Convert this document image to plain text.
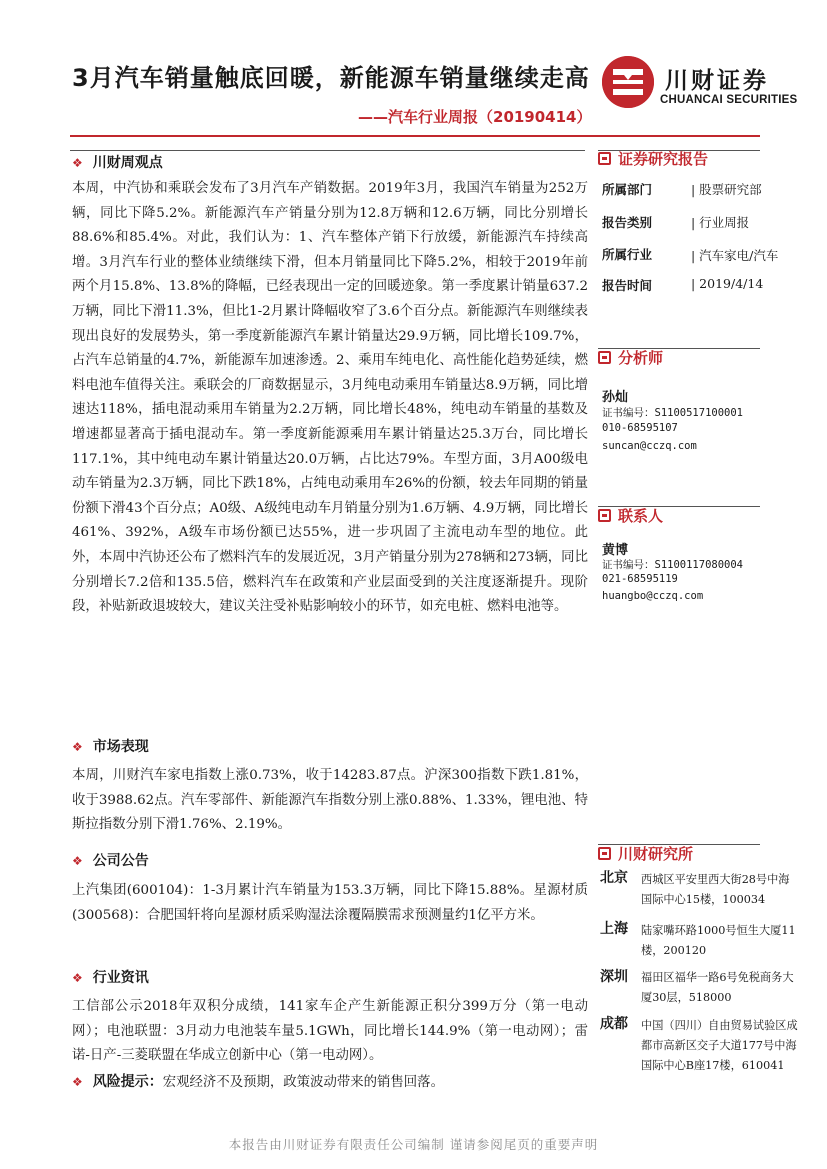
3月汽车销量触底回暖，新能源车销量继续走高
——汽车行业周报（20190414）
川财证券
CHUANCAI SECURITIES
❖ 川财周观点
本周，中汽协和乘联会发布了3月汽车产销数据。2019年3月，我国汽车销量为252万辆，同比下降5.2%。新能源汽车产销量分别为12.8万辆和12.6万辆，同比分别增长88.6%和85.4%。对此，我们认为：1、汽车整体产销下行放缓，新能源汽车持续高增。3月汽车行业的整体业绩继续下滑，但本月销量同比下降5.2%，相较于2019年前两个月15.8%、13.8%的降幅，已经表现出一定的回暖迹象。第一季度累计销量637.2万辆，同比下滑11.3%，但比1-2月累计降幅收窄了3.6个百分点。新能源汽车则继续表现出良好的发展势头，第一季度新能源汽车累计销量达29.9万辆，同比增长109.7%，占汽车总销量的4.7%，新能源车加速渗透。2、乘用车纯电化、高性能化趋势延续，燃料电池车值得关注。乘联会的厂商数据显示，3月纯电动乘用车销量达8.9万辆，同比增速达118%，插电混动乘用车销量为2.2万辆，同比增长48%，纯电动车销量的基数及增速都显著高于插电混动车。第一季度新能源乘用车累计销量达25.3万台，同比增长117.1%，其中纯电动车累计销量达20.0万辆，占比达79%。车型方面，3月A00级电动车销量为2.3万辆，同比下跌18%，占纯电动乘用车26%的份额，较去年同期的销量份额下滑43个百分点；A0级、A级纯电动车月销量分别为1.6万辆、4.9万辆，同比增长461%、392%，A级车市场份额已达55%，进一步巩固了主流电动车型的地位。此外，本周中汽协还公布了燃料汽车的发展近况，3月产销量分别为278辆和273辆，同比分别增长7.2倍和135.5倍，燃料汽车在政策和产业层面受到的关注度逐渐提升。现阶段，补贴新政退坡较大，建议关注受补贴影响较小的环节，如充电桩、燃料电池等。
❖ 市场表现
本周，川财汽车家电指数上涨0.73%，收于14283.87点。沪深300指数下跌1.81%，收于3988.62点。汽车零部件、新能源汽车指数分别上涨0.88%、1.33%，锂电池、特斯拉指数分别下滑1.76%、2.19%。
❖ 公司公告
上汽集团(600104)：1-3月累计汽车销量为153.3万辆，同比下降15.88%。星源材质(300568)：合肥国轩将向星源材质采购湿法涂覆隔膜需求预测量约1亿平方米。
❖ 行业资讯
工信部公示2018年双积分成绩，141家车企产生新能源正积分399万分（第一电动网）；电池联盟：3月动力电池装车量5.1GWh，同比增长144.9%（第一电动网）；雷诺-日产-三菱联盟在华成立创新中心（第一电动网）。
❖ 风险提示：宏观经济不及预期，政策波动带来的销售回落。
证券研究报告
所属部门	| 股票研究部
报告类别	| 行业周报
所属行业	| 汽车家电/汽车
报告时间	| 2019/4/14
分析师
孙灿
证书编号：S1100517100001
010-68595107
suncan@cczq.com
联系人
黄博
证书编号：S1100117080004
021-68595119
huangbo@cczq.com
川财研究所
北京 西城区平安里西大街28号中海国际中心15楼，100034
上海 陆家嘴环路1000号恒生大厦11楼，200120
深圳 福田区福华一路6号免税商务大厦30层，518000
成都 中国（四川）自由贸易试验区成都市高新区交子大道177号中海国际中心B座17楼，610041
本报告由川财证券有限责任公司编制 谨请参阅尾页的重要声明
